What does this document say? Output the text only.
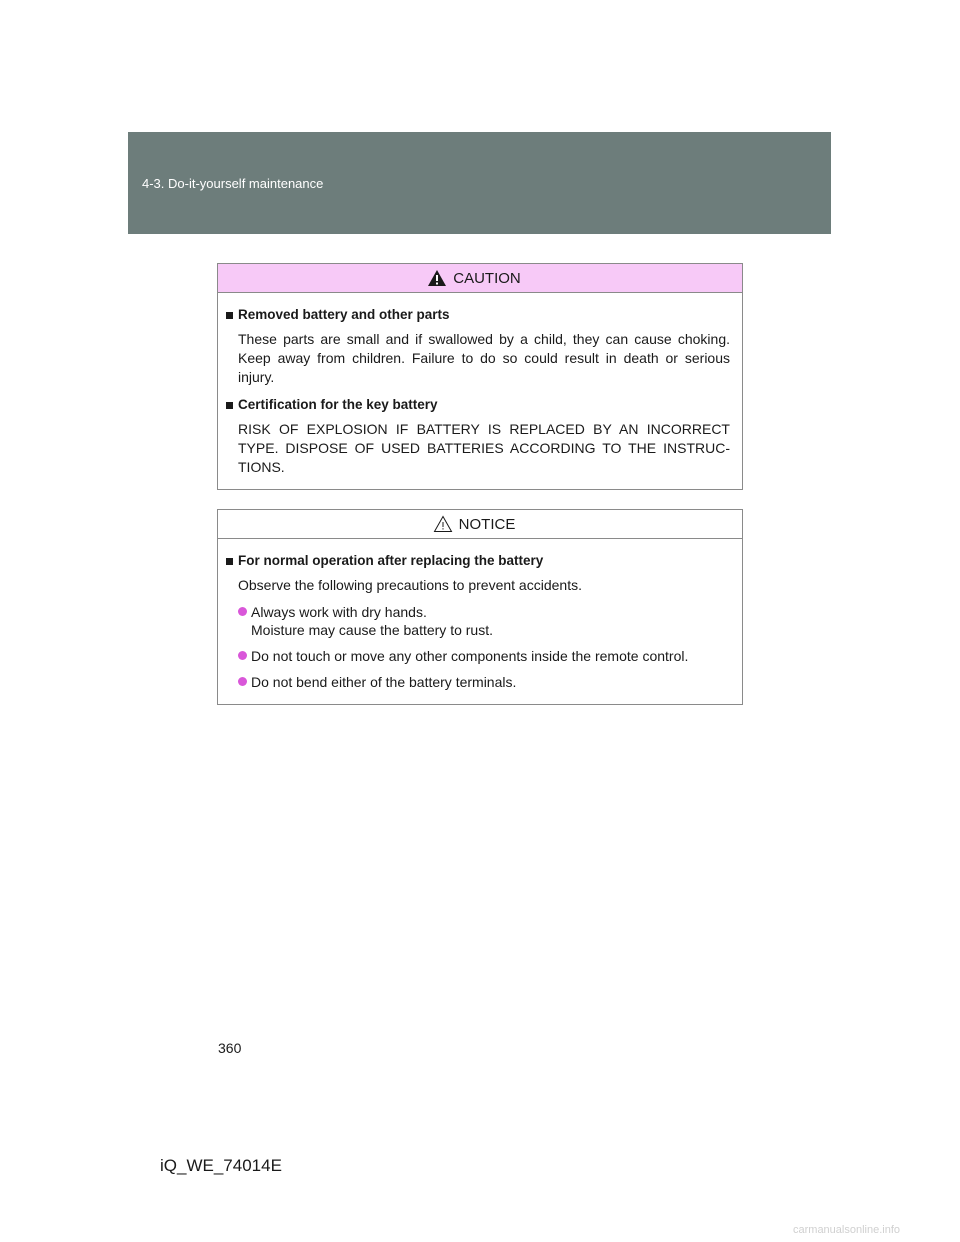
4-3. Do-it-yourself maintenance
CAUTION
Removed battery and other parts
These parts are small and if swallowed by a child, they can cause choking. Keep away from children. Failure to do so could result in death or serious injury.
Certification for the key battery
RISK OF EXPLOSION IF BATTERY IS REPLACED BY AN INCORRECT TYPE. DISPOSE OF USED BATTERIES ACCORDING TO THE INSTRUC-TIONS.
NOTICE
For normal operation after replacing the battery
Observe the following precautions to prevent accidents.
Always work with dry hands.
Moisture may cause the battery to rust.
Do not touch or move any other components inside the remote control.
Do not bend either of the battery terminals.
360
iQ_WE_74014E
carmanualsonline.info
